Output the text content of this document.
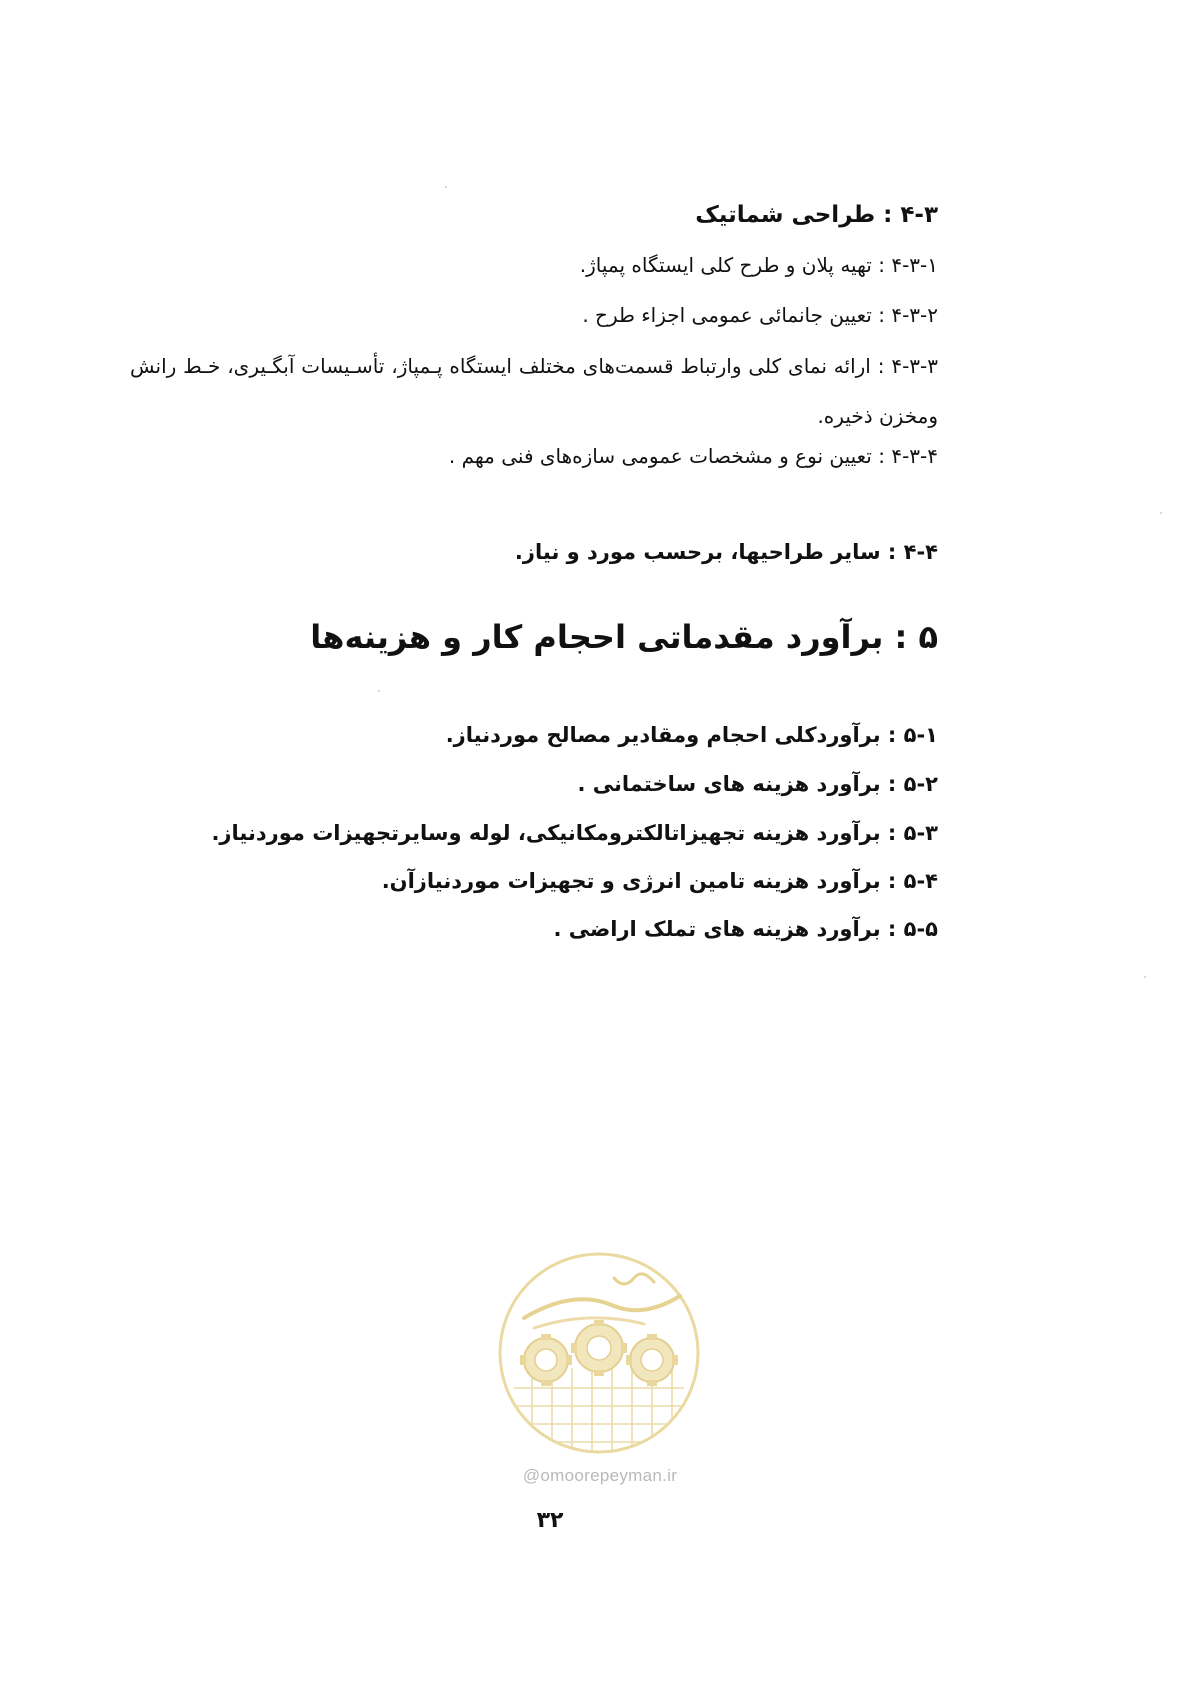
۴-۳ : طراحی شماتیک
۴-۳-۱ : تهیه پلان و طرح کلی ایستگاه پمپاژ.
۴-۳-۲ : تعیین جانمائی عمومی اجزاء طرح .
۴-۳-۳ : ارائه نمای کلی وارتباط قسمت‌های مختلف ایستگاه پـمپاژ، تأسـیسات آبگـیری، خـط رانش ومخزن ذخیره.
۴-۳-۴ : تعیین نوع و مشخصات عمومی سازه‌های فنی مهم .
۴-۴ : سایر طراحیها، برحسب مورد و نیاز.
۵ : برآورد مقدماتی احجام کار و هزینه‌ها
۵-۱ : برآوردکلی احجام ومقادیر مصالح موردنیاز.
۵-۲ : برآورد هزینه های ساختمانی .
۵-۳ : برآورد هزینه تجهیزاتالکترومکانیکی، لوله وسایرتجهیزات موردنیاز.
۵-۴ : برآورد هزینه تامین انرژی و تجهیزات موردنیازآن.
۵-۵ : برآورد هزینه های تملک اراضی .
@omoorepeyman.ir
۳۲
